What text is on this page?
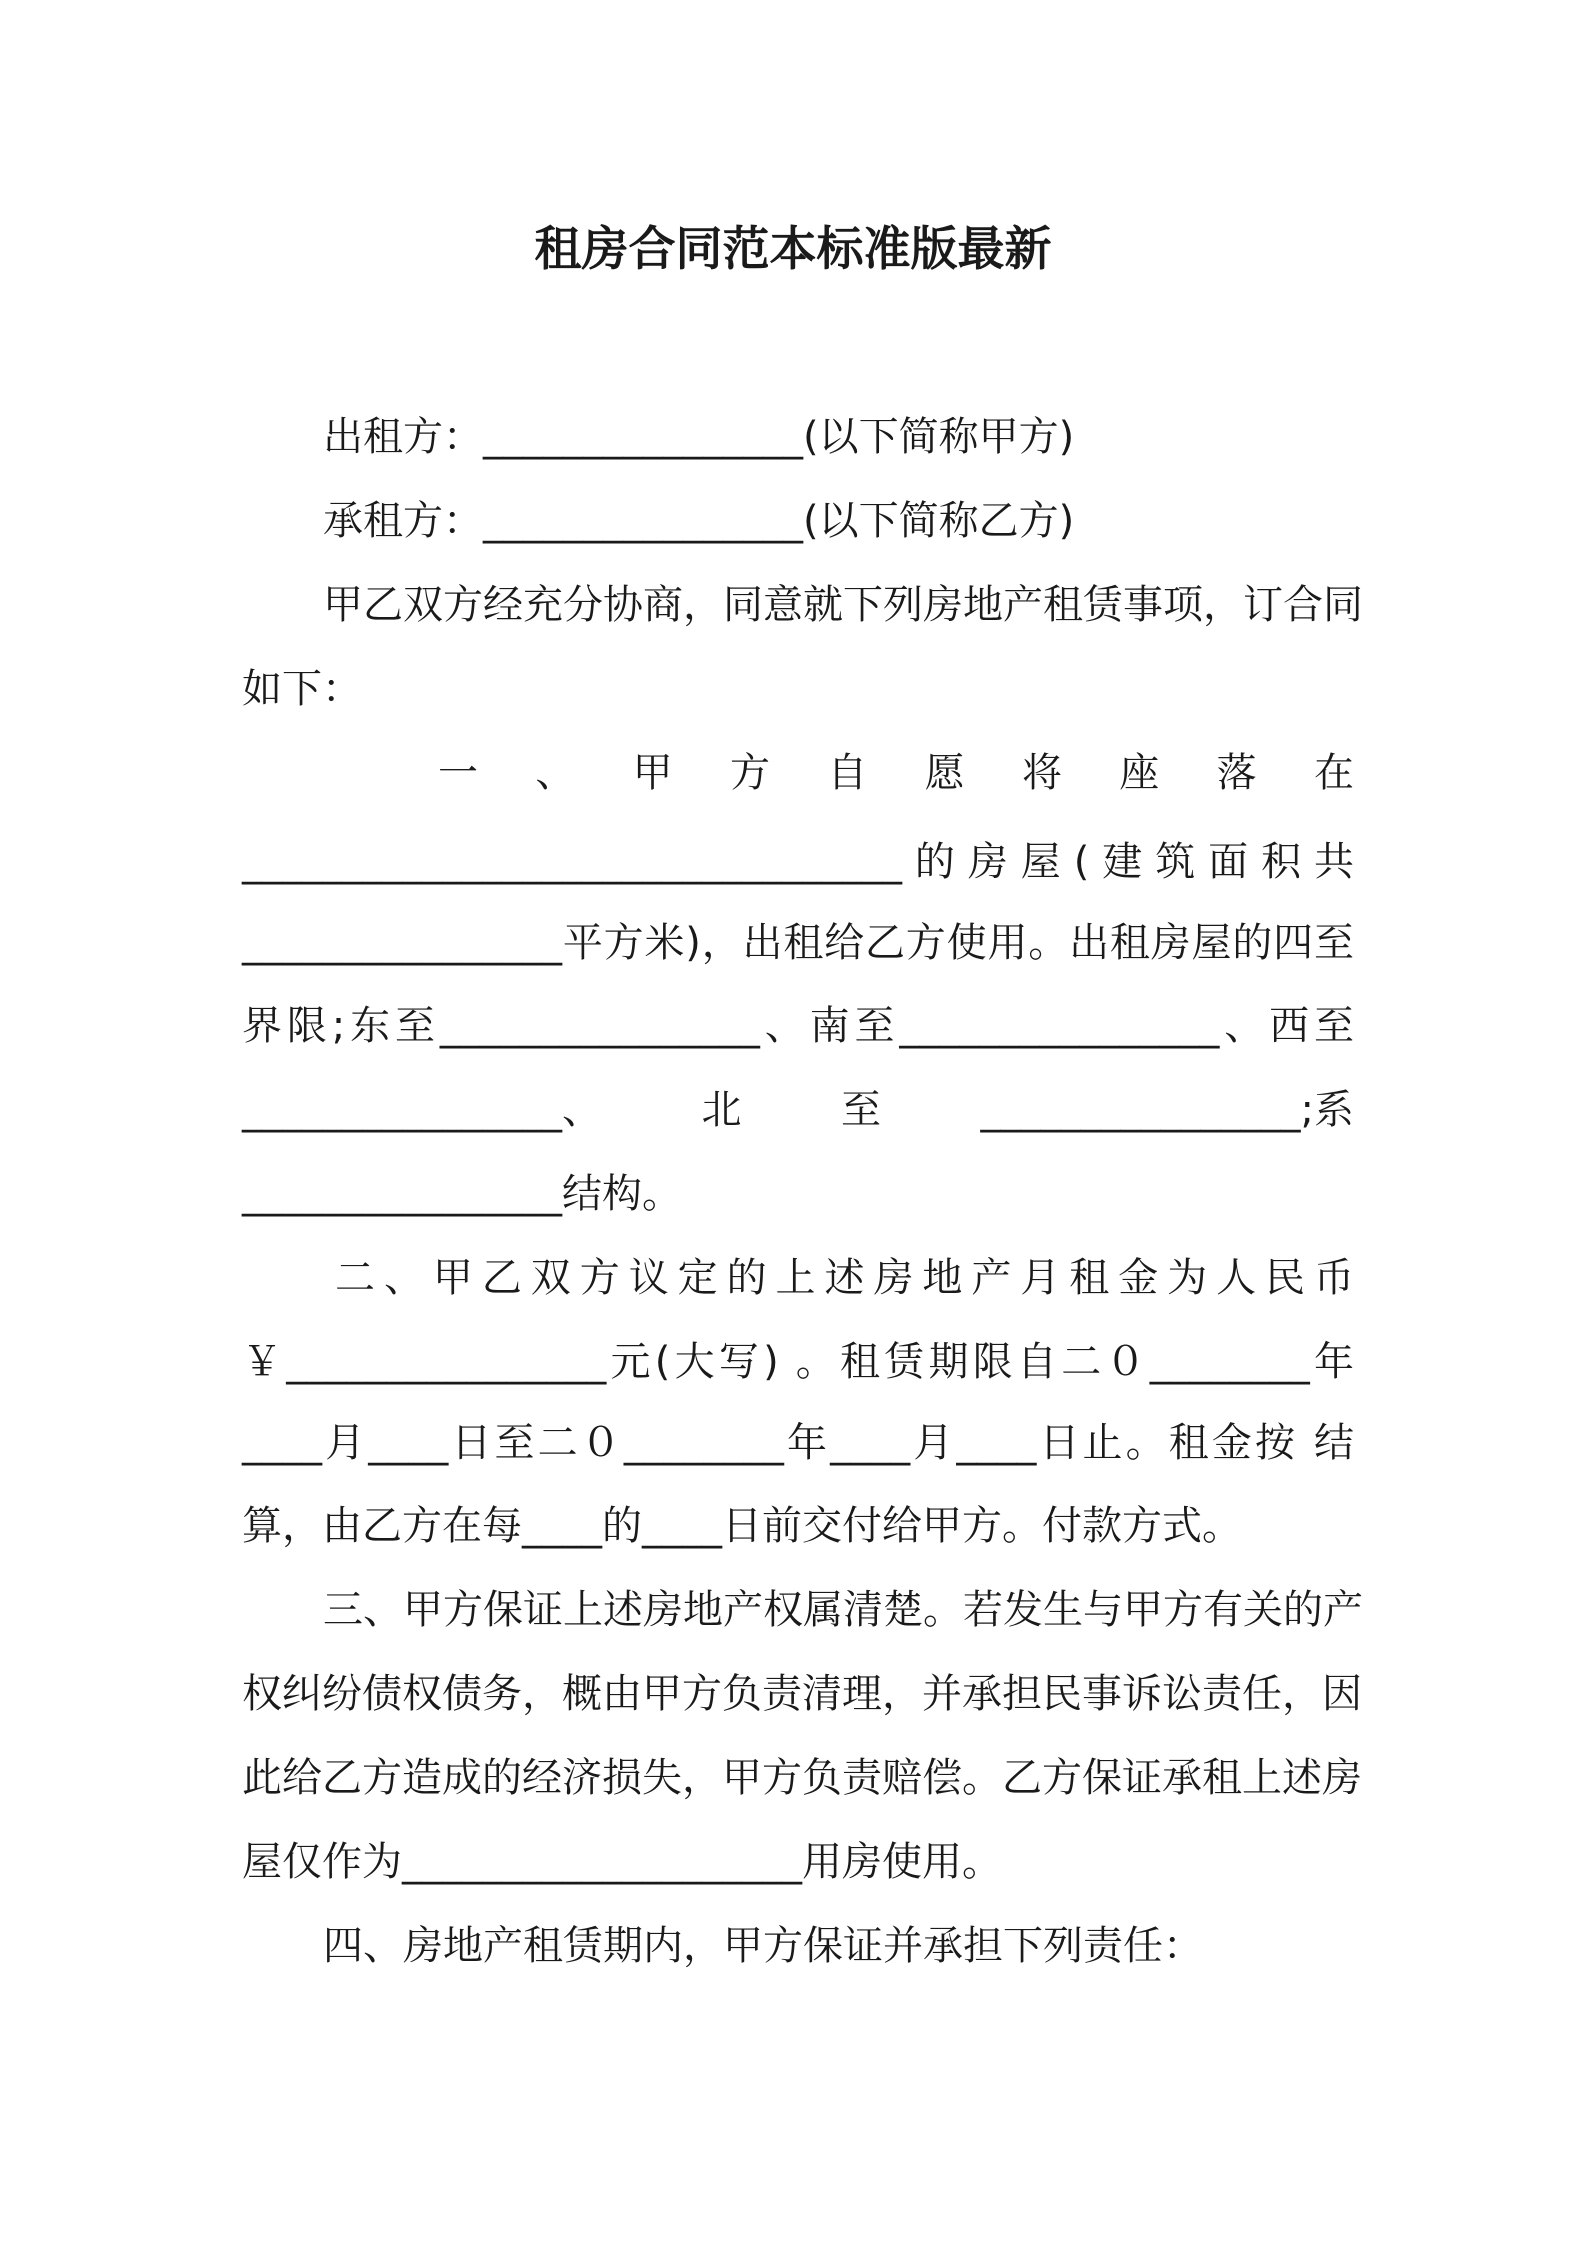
租房合同范本标准版最新
出租方：________________(以下简称甲方)
承租方：________________(以下简称乙方)
甲乙双方经充分协商，同意就下列房地产租赁事项，订合同
如下：
一 、 甲 方 自 愿 将 座 落 在
_________________________________的房屋(建筑面积共
________________平方米)，出租给乙方使用。出租房屋的四至
界限;东至________________、南至________________、西至
________________、 北 至 ________________;系
________________结构。
二、甲乙双方议定的上述房地产月租金为人民币
￥________________元(大写) 。租赁期限自二０________年
____月____日至二０________年____月____日止。租金按 结
算，由乙方在每____的____日前交付给甲方。付款方式。
三、甲方保证上述房地产权属清楚。若发生与甲方有关的产
权纠纷债权债务，概由甲方负责清理，并承担民事诉讼责任，因
此给乙方造成的经济损失，甲方负责赔偿。乙方保证承租上述房
屋仅作为____________________用房使用。
四、房地产租赁期内，甲方保证并承担下列责任：
